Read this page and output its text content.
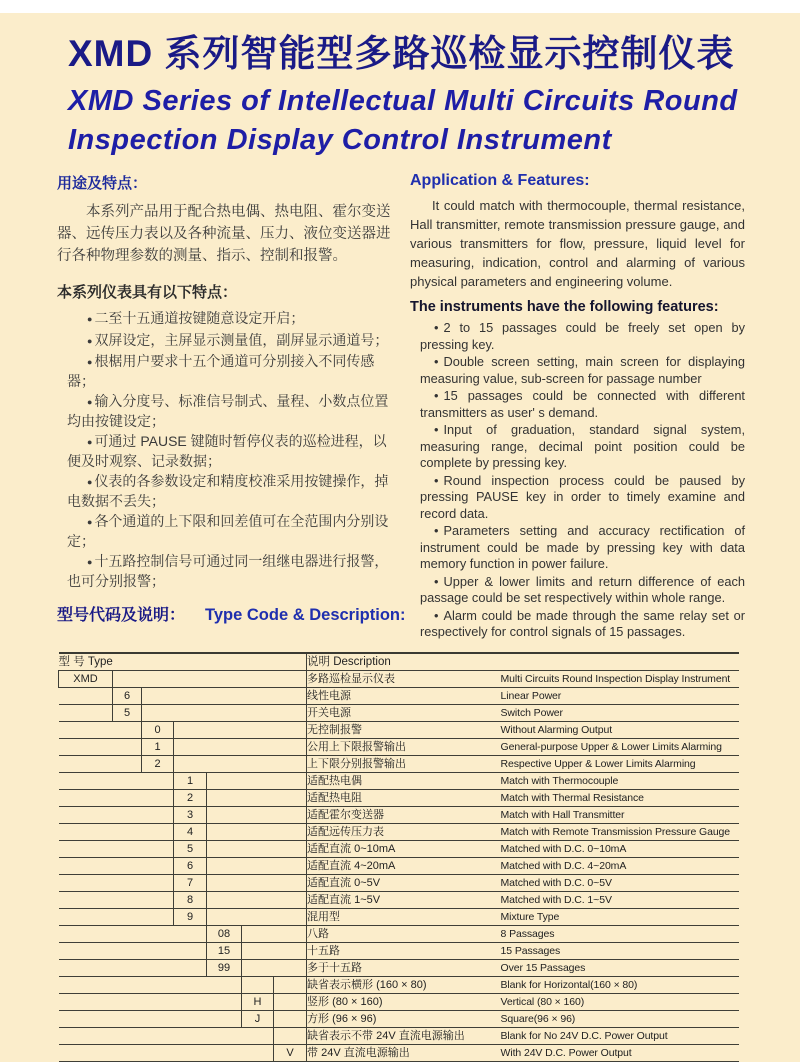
XMD 系列智能型多路巡检显示控制仪表
XMD Series of Intellectual Multi Circuits Round Inspection Display Control Instrument
用途及特点：

本系列产品用于配合热电偶、热电阻、霍尔变送器、远传压力表以及各种流量、压力、液位变送器进行各种物理参数的测量、指示、控制和报警。

本系列仪表具有以下特点：
● 二至十五通道按键随意设定开启；
● 双屏设定，主屏显示测量值，副屏显示通道号；
● 根椐用户要求十五个通道可分别接入不同传感器；
● 输入分度号、标准信号制式、量程、小数点位置均由按键设定；
● 可通过 PAUSE 键随时暂停仪表的巡检进程，以便及时观察、记录数据；
● 仪表的各参数设定和精度校准采用按键操作，掉电数据不丢失；
● 各个通道的上下限和回差值可在全范围内分别设定；
● 十五路控制信号可通过同一组继电器进行报警，也可分别报警；
型号代码及说明： Type Code & Description:
Application & Features:

It could match with thermocouple, thermal resistance, Hall transmitter, remote transmission pressure gauge, and various transmitters for flow, pressure, liquid level for measuring, indication, control and alarming of various physical parameters and engineering volume.

The instruments have the following features:
• 2 to 15 passages could be freely set open by pressing key.
• Double screen setting, main screen for displaying measuring value, sub-screen for passage number
• 15 passages could be connected with different transmitters as user' s demand.
• Input of graduation, standard signal system, measuring range, decimal point position could be complete by pressing key.
• Round inspection process could be paused by pressing PAUSE key in order to timely examine and record data.
• Parameters setting and accuracy rectification of instrument could be made by pressing key with data memory function in power failure.
• Upper & lower limits and return difference of each passage could be set respectively within whole range.
• Alarm could be made through the same relay set or respectively for control signals of 15 passages.
型 号 Type							说明 Description	
XMD							多路巡检显示仪表	Multi Circuits Round Inspection Display Instrument
	6						线性电源	Linear Power
	5						开关电源	Switch Power
		0					无控制报警	Without Alarming Output
		1					公用上下限报警输出	General-purpose Upper & Lower Limits Alarming
		2					上下限分别报警输出	Respective Upper & Lower Limits Alarming
			1				适配热电偶	Match with Thermocouple
			2				适配热电阻	Match with Thermal Resistance
			3				适配霍尔变送器	Match with Hall Transmitter
			4				适配远传压力表	Match with Remote Transmission Pressure Gauge
			5				适配直流 0~10mA	Matched with D.C. 0~10mA
			6				适配直流 4~20mA	Matched with D.C. 4~20mA
			7				适配直流 0~5V	Matched with D.C. 0~5V
			8				适配直流 1~5V	Matched with D.C. 1~5V
			9				混用型	Mixture Type
				08			八路	8 Passages
				15			十五路	15 Passages
				99			多于十五路	Over 15 Passages
							缺省表示横形 (160 × 80)	Blank for Horizontal(160 × 80)
					H		竖形 (80 × 160)	Vertical (80 × 160)
					J		方形 (96 × 96)	Square(96 × 96)
							缺省表示不带 24V 直流电源输出	Blank for No 24V D.C. Power Output
						V	带 24V 直流电源输出	With 24V D.C. Power Output
